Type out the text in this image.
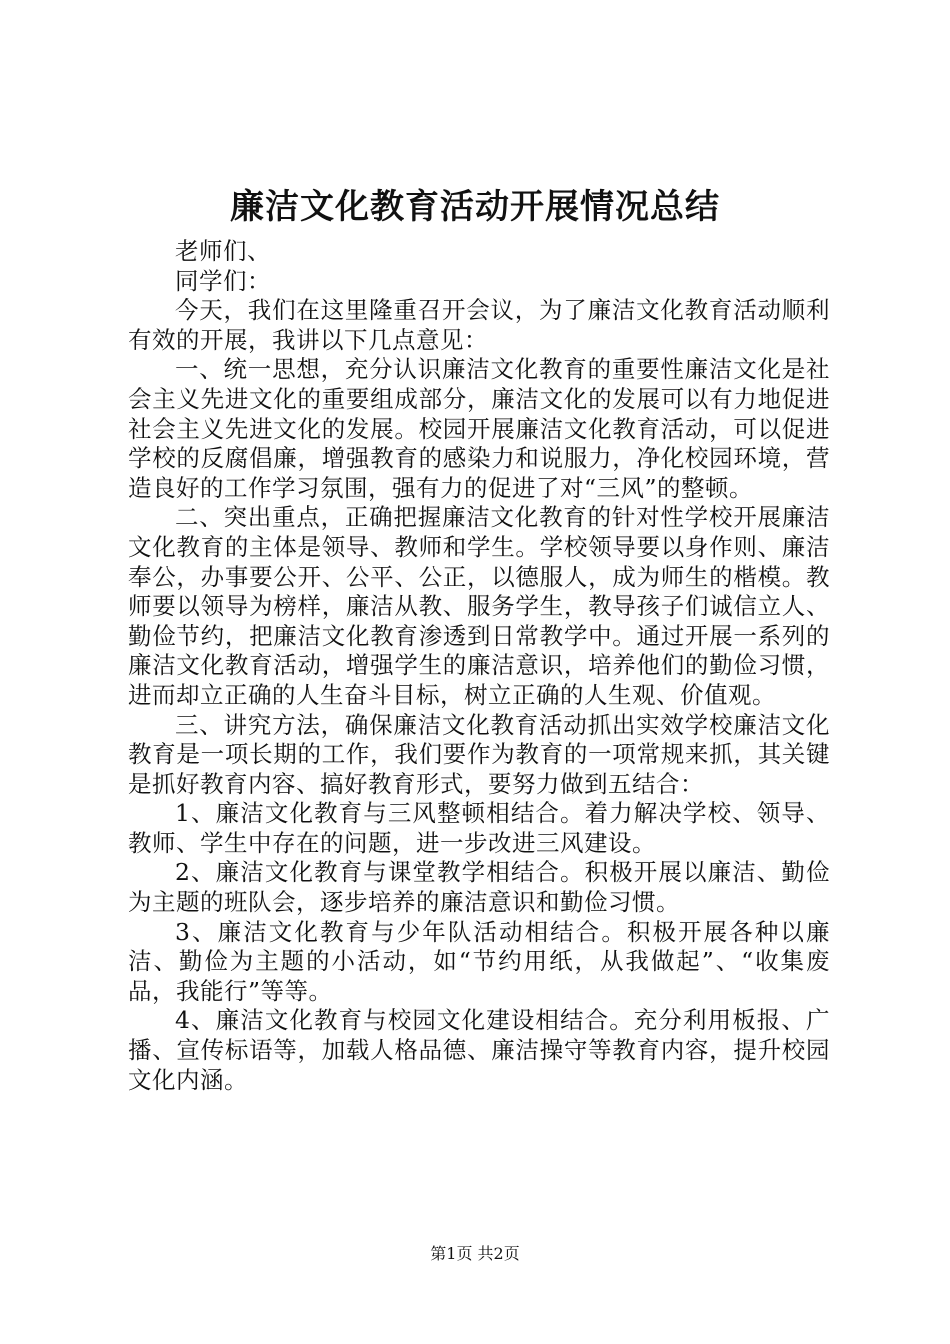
廉洁文化教育活动开展情况总结

老师们、

同学们：

今天，我们在这里隆重召开会议，为了廉洁文化教育活动顺利有效的开展，我讲以下几点意见：

一、统一思想，充分认识廉洁文化教育的重要性廉洁文化是社会主义先进文化的重要组成部分，廉洁文化的发展可以有力地促进社会主义先进文化的发展。校园开展廉洁文化教育活动，可以促进学校的反腐倡廉，增强教育的感染力和说服力，净化校园环境，营造良好的工作学习氛围，强有力的促进了对“三风”的整顿。

二、突出重点，正确把握廉洁文化教育的针对性学校开展廉洁文化教育的主体是领导、教师和学生。学校领导要以身作则、廉洁奉公，办事要公开、公平、公正，以德服人，成为师生的楷模。教师要以领导为榜样，廉洁从教、服务学生，教导孩子们诚信立人、勤俭节约，把廉洁文化教育渗透到日常教学中。通过开展一系列的廉洁文化教育活动，增强学生的廉洁意识，培养他们的勤俭习惯，进而却立正确的人生奋斗目标，树立正确的人生观、价值观。

三、讲究方法，确保廉洁文化教育活动抓出实效学校廉洁文化教育是一项长期的工作，我们要作为教育的一项常规来抓，其关键是抓好教育内容、搞好教育形式，要努力做到五结合：

1、廉洁文化教育与三风整顿相结合。着力解决学校、领导、教师、学生中存在的问题，进一步改进三风建设。

2、廉洁文化教育与课堂教学相结合。积极开展以廉洁、勤俭为主题的班队会，逐步培养的廉洁意识和勤俭习惯。

3、廉洁文化教育与少年队活动相结合。积极开展各种以廉洁、勤俭为主题的小活动，如“节约用纸，从我做起”、“收集废品，我能行”等等。

4、廉洁文化教育与校园文化建设相结合。充分利用板报、广播、宣传标语等，加载人格品德、廉洁操守等教育内容，提升校园文化内涵。

第1页 共2页
